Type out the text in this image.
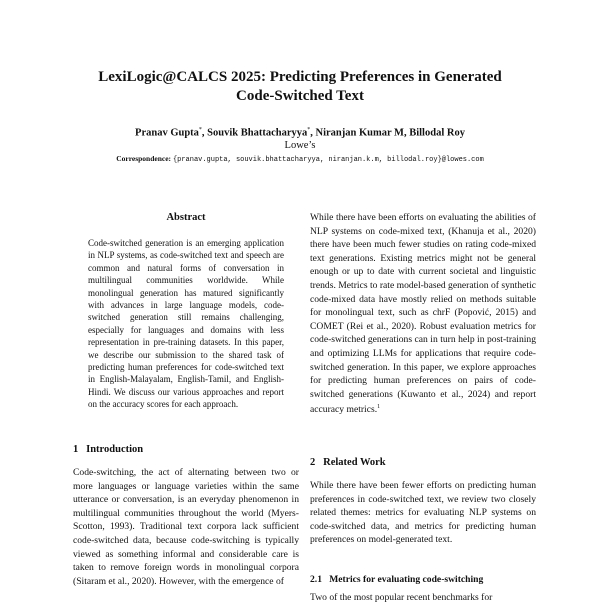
LexiLogic@CALCS 2025: Predicting Preferences in Generated
Code-Switched Text
Pranav Gupta*, Souvik Bhattacharyya*, Niranjan Kumar M, Billodal Roy
Lowe’s
Correspondence: {pranav.gupta, souvik.bhattacharyya, niranjan.k.m, billodal.roy}@lowes.com
Abstract

Code-switched generation is an emerging application in NLP systems, as code-switched text and speech are common and natural forms of conversation in multilingual communities worldwide. While monolingual generation has matured significantly with advances in large language models, code-switched generation still remains challenging, especially for languages and domains with less representation in pre-training datasets. In this paper, we describe our submission to the shared task of predicting human preferences for code-switched text in English-Malayalam, English-Tamil, and English-Hindi. We discuss our various approaches and report on the accuracy scores for each approach.

1 Introduction

Code-switching, the act of alternating between two or more languages or language varieties within the same utterance or conversation, is an everyday phenomenon in multilingual communities throughout the world (Myers-Scotton, 1993). Traditional text corpora lack sufficient code-switched data, because code-switching is typically viewed as something informal and considerable care is taken to remove foreign words in monolingual corpora (Sitaram et al., 2020). However, with the emergence of

While there have been efforts on evaluating the abilities of NLP systems on code-mixed text, (Khanuja et al., 2020) there have been much fewer studies on rating code-mixed text generations. Existing metrics might not be general enough or up to date with current societal and linguistic trends. Metrics to rate model-based generation of synthetic code-mixed data have mostly relied on methods suitable for monolingual text, such as chrF (Popović, 2015) and COMET (Rei et al., 2020). Robust evaluation metrics for code-switched generations can in turn help in post-training and optimizing LLMs for applications that require code-switched generation. In this paper, we explore approaches for predicting human preferences on pairs of code-switched generations (Kuwanto et al., 2024) and report accuracy metrics.$^1$

2 Related Work

While there have been fewer efforts on predicting human preferences in code-switched text, we review two closely related themes: metrics for evaluating NLP systems on code-switched data, and metrics for predicting human preferences on model-generated text.

2.1 Metrics for evaluating code-switching

Two of the most popular recent benchmarks for
